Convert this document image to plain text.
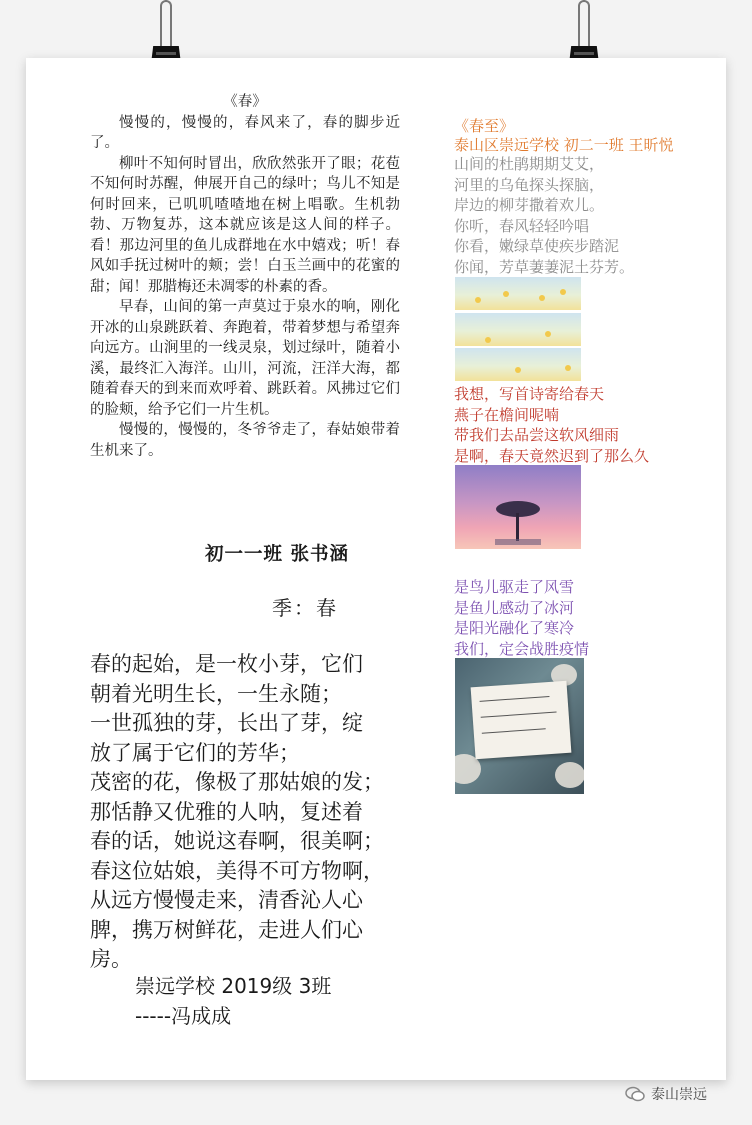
《春》

慢慢的，慢慢的，春风来了，春的脚步近了。

柳叶不知何时冒出，欣欣然张开了眼；花苞不知何时苏醒，伸展开自己的绿叶；鸟儿不知是何时回来，已叽叽喳喳地在树上唱歌。生机勃勃、万物复苏，这本就应该是这人间的样子。看！那边河里的鱼儿成群地在水中嬉戏；听！春风如手抚过树叶的颊；尝！白玉兰画中的花蜜的甜；闻！那腊梅还未凋零的朴素的香。

早春，山间的第一声莫过于泉水的响，刚化开冰的山泉跳跃着、奔跑着，带着梦想与希望奔向远方。山涧里的一线灵泉，划过绿叶，随着小溪，最终汇入海洋。山川，河流，汪洋大海，都随着春天的到来而欢呼着、跳跃着。风拂过它们的脸颊，给予它们一片生机。

慢慢的，慢慢的，冬爷爷走了，春姑娘带着生机来了。

初一一班 张书涵
季：春
春的起始，是一枚小芽，它们
朝着光明生长，一生永随；
一世孤独的芽，长出了芽，绽
放了属于它们的芳华；
茂密的花，像极了那姑娘的发；
那恬静又优雅的人呐，复述着
春的话，她说这春啊，很美啊；
春这位姑娘，美得不可方物啊，
从远方慢慢走来，清香沁人心
脾，携万树鲜花，走进人们心
房。
崇远学校 2019级 3班
-----冯成成
《春至》
泰山区崇远学校 初二一班 王昕悦
山间的杜鹃期期艾艾，
河里的乌龟探头探脑，
岸边的柳芽撒着欢儿。
你听，春风轻轻吟唱
你看，嫩绿草使疾步踏泥
你闻，芳草萋萋泥土芬芳。
我想，写首诗寄给春天
燕子在檐间呢喃
带我们去品尝这软风细雨
是啊，春天竟然迟到了那么久
是鸟儿驱走了风雪
是鱼儿感动了冰河
是阳光融化了寒冷
我们，定会战胜疫情
泰山崇远
